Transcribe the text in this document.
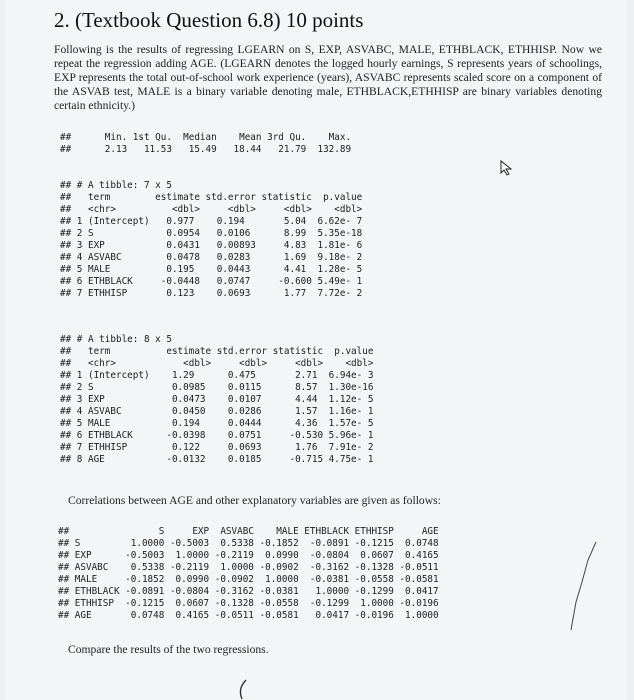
2. (Textbook Question 6.8) 10 points

Following is the results of regressing LGEARN on S, EXP, ASVABC, MALE, ETHBLACK, ETHHISP. Now we repeat the regression adding AGE. (LGEARN denotes the logged hourly earnings, S represents years of schoolings, EXP represents the total out-of-school work experience (years), ASVABC represents scaled score on a component of the ASVAB test, MALE is a binary variable denoting male, ETHBLACK,ETHHISP are binary variables denoting certain ethnicity.)

##      Min. 1st Qu.  Median    Mean 3rd Qu.    Max.
##      2.13   11.53   15.49   18.44   21.79  132.89
## # A tibble: 7 x 5
##   term        estimate std.error statistic  p.value
##   <chr>          <dbl>     <dbl>     <dbl>    <dbl>
## 1 (Intercept)   0.977    0.194       5.04  6.62e- 7
## 2 S             0.0954   0.0106      8.99  5.35e-18
## 3 EXP           0.0431   0.00893     4.83  1.81e- 6
## 4 ASVABC        0.0478   0.0283      1.69  9.18e- 2
## 5 MALE          0.195    0.0443      4.41  1.28e- 5
## 6 ETHBLACK     -0.0448   0.0747     -0.600 5.49e- 1
## 7 ETHHISP       0.123    0.0693      1.77  7.72e- 2
## # A tibble: 8 x 5
##   term          estimate std.error statistic  p.value
##   <chr>            <dbl>     <dbl>     <dbl>    <dbl>
## 1 (Intercept)    1.29      0.475       2.71  6.94e- 3
## 2 S              0.0985    0.0115      8.57  1.30e-16
## 3 EXP            0.0473    0.0107      4.44  1.12e- 5
## 4 ASVABC         0.0450    0.0286      1.57  1.16e- 1
## 5 MALE           0.194     0.0444      4.36  1.57e- 5
## 6 ETHBLACK      -0.0398    0.0751     -0.530 5.96e- 1
## 7 ETHHISP        0.122     0.0693      1.76  7.91e- 2
## 8 AGE           -0.0132    0.0185     -0.715 4.75e- 1

Correlations between AGE and other explanatory variables are given as follows:

##                S     EXP  ASVABC    MALE ETHBLACK ETHHISP     AGE
## S         1.0000 -0.5003  0.5338 -0.1852  -0.0891 -0.1215  0.0748
## EXP      -0.5003  1.0000 -0.2119  0.0990  -0.0804  0.0607  0.4165
## ASVABC    0.5338 -0.2119  1.0000 -0.0902  -0.3162 -0.1328 -0.0511
## MALE     -0.1852  0.0990 -0.0902  1.0000  -0.0381 -0.0558 -0.0581
## ETHBLACK -0.0891 -0.0804 -0.3162 -0.0381   1.0000 -0.1299  0.0417
## ETHHISP  -0.1215  0.0607 -0.1328 -0.0558  -0.1299  1.0000 -0.0196
## AGE       0.0748  0.4165 -0.0511 -0.0581   0.0417 -0.0196  1.0000

Compare the results of the two regressions.
